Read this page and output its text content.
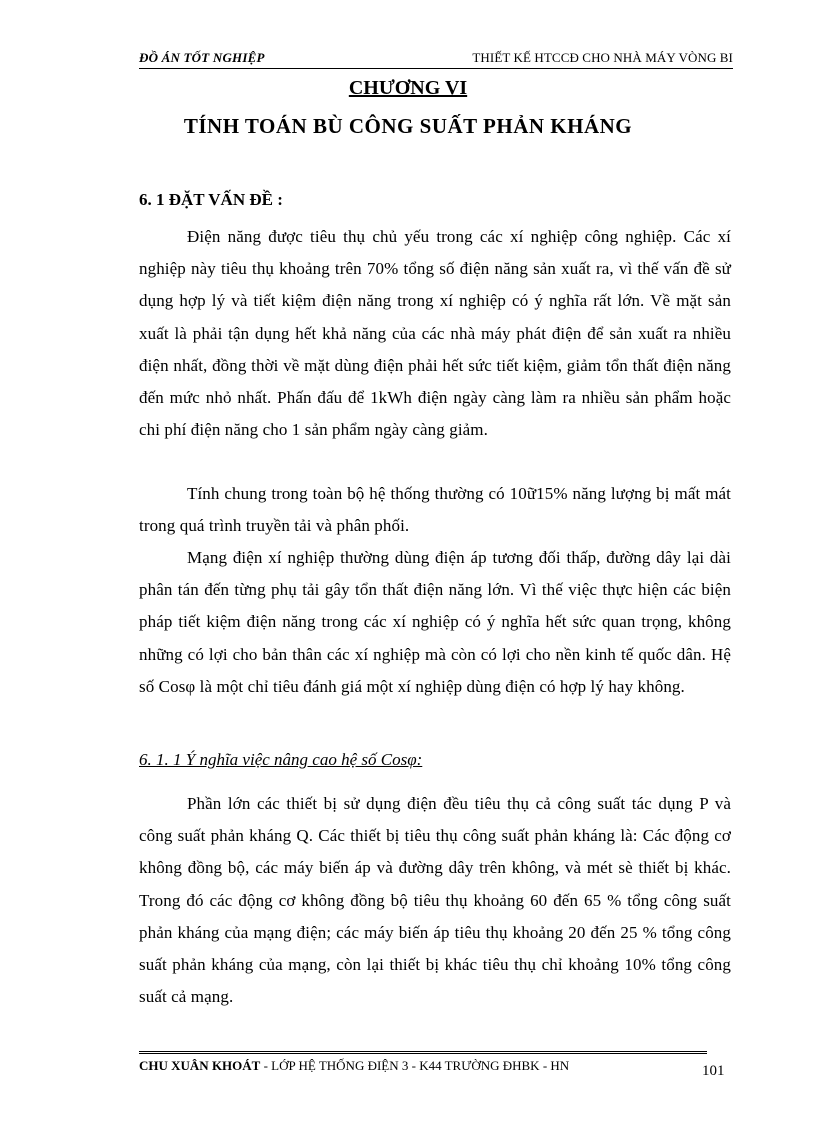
ĐỒ ÁN TỐT NGHIỆP	THIẾT KẾ HTCCĐ CHO NHÀ MÁY VÒNG BI
CHƯƠNG VI
TÍNH TOÁN BÙ CÔNG SUẤT PHẢN KHÁNG
6. 1 ĐẶT VẤN ĐỀ :

Điện năng được tiêu thụ chủ yếu trong các xí nghiệp công nghiệp. Các xí nghiệp này tiêu thụ khoảng trên 70% tổng số điện năng sản xuất ra, vì thế vấn đề sử dụng hợp lý và tiết kiệm điện năng trong xí nghiệp có ý nghĩa rất lớn. Về mặt sản xuất là phải tận dụng hết khả năng của các nhà máy phát điện để sản xuất ra nhiều điện nhất, đồng thời về mặt dùng điện phải hết sức tiết kiệm, giảm tổn thất điện năng đến mức nhỏ nhất. Phấn đấu để 1kWh điện ngày càng làm ra nhiều sản phẩm hoặc chi phí điện năng cho 1 sản phẩm ngày càng giảm.

Tính chung trong toàn bộ hệ thống thường có 10ữ15% năng lượng bị mất mát trong quá trình truyền tải và phân phối.

Mạng điện xí nghiệp thường dùng điện áp tương đối thấp, đường dây lại dài phân tán đến từng phụ tải gây tổn thất điện năng lớn. Vì thế việc thực hiện các biện pháp tiết kiệm điện năng trong các xí nghiệp có ý nghĩa hết sức quan trọng, không những có lợi cho bản thân các xí nghiệp mà còn có lợi cho nền kinh tế quốc dân. Hệ số Cosφ là một chỉ tiêu đánh giá một xí nghiệp dùng điện có hợp lý hay không.

6. 1. 1 Ý nghĩa việc nâng cao hệ số Cosφ:

Phần lớn các thiết bị sử dụng điện đều tiêu thụ cả công suất tác dụng P và công suất phản kháng Q. Các thiết bị tiêu thụ công suất phản kháng là: Các động cơ không đồng bộ, các máy biến áp và đường dây trên không, và mét sè thiết bị khác. Trong đó các động cơ không đồng bộ tiêu thụ khoảng 60 đến 65 % tổng công suất phản kháng của mạng điện; các máy biến áp tiêu thụ khoảng 20 đến 25 % tổng công suất phản kháng của mạng, còn lại thiết bị khác tiêu thụ chỉ khoảng 10% tổng công suất cả mạng.

CHU XUÂN KHOÁT - LỚP HỆ THỐNG ĐIỆN 3 - K44 TRƯỜNG ĐHBK - HN	101
